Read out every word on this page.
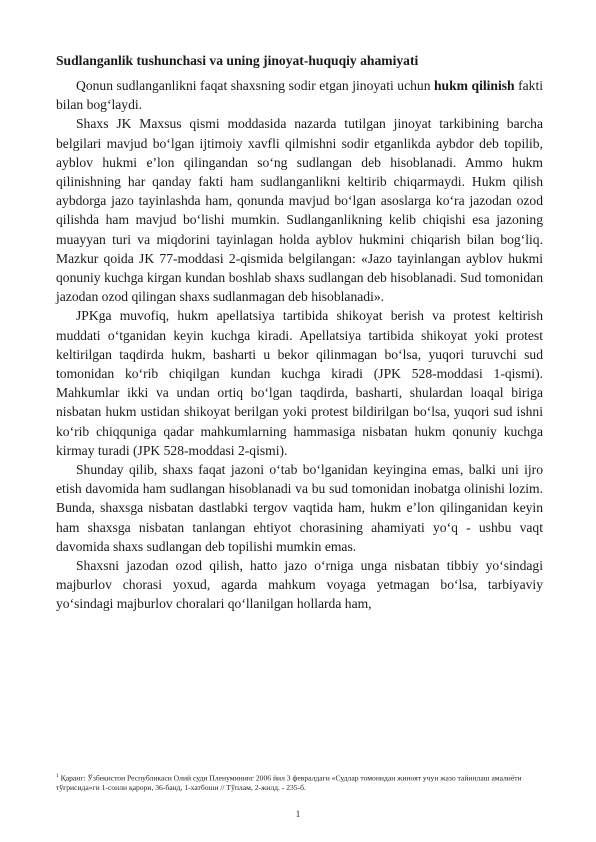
Sudlanganlik tushunchasi va uning jinoyat-huquqiy ahamiyati

Qonun sudlanganlikni faqat shaxsning sodir etgan jinoyati uchun hukm qilinish fakti bilan bog‘laydi.

Shaxs JK Maxsus qismi moddasida nazarda tutilgan jinoyat tarkibining barcha belgilari mavjud bo‘lgan ijtimoiy xavfli qilmishni sodir etganlikda aybdor deb topilib, ayblov hukmi e’lon qilingandan so‘ng sudlangan deb hisoblanadi. Ammo hukm qilinishning har qanday fakti ham sudlanganlikni keltirib chiqarmaydi. Hukm qilish aybdorga jazo tayinlashda ham, qonunda mavjud bo‘lgan asoslarga ko‘ra jazodan ozod qilishda ham mavjud bo‘lishi mumkin. Sudlanganlikning kelib chiqishi esa jazoning muayyan turi va miqdorini tayinlagan holda ayblov hukmini chiqarish bilan bog‘liq. Mazkur qoida JK 77-moddasi 2-qismida belgilangan: «Jazo tayinlangan ayblov hukmi qonuniy kuchga kirgan kundan boshlab shaxs sudlangan deb hisoblanadi. Sud tomonidan jazodan ozod qilingan shaxs sudlanmagan deb hisoblanadi».

JPKga muvofiq, hukm apellatsiya tartibida shikoyat berish va protest keltirish muddati o‘tganidan keyin kuchga kiradi. Apellatsiya tartibida shikoyat yoki protest keltirilgan taqdirda hukm, basharti u bekor qilinmagan bo‘lsa, yuqori turuvchi sud tomonidan ko‘rib chiqilgan kundan kuchga kiradi (JPK 528-moddasi 1-qismi). Mahkumlar ikki va undan ortiq bo‘lgan taqdirda, basharti, shulardan loaqal biriga nisbatan hukm ustidan shikoyat berilgan yoki protest bildirilgan bo‘lsa, yuqori sud ishni ko‘rib chiqquniga qadar mahkumlarning hammasiga nisbatan hukm qonuniy kuchga kirmay turadi (JPK 528-moddasi 2-qismi).

Shunday qilib, shaxs faqat jazoni o‘tab bo‘lganidan keyingina emas, balki uni ijro etish davomida ham sudlangan hisoblanadi va bu sud tomonidan inobatga olinishi lozim. Bunda, shaxsga nisbatan dastlabki tergov vaqtida ham, hukm e’lon qilinganidan keyin ham shaxsga nisbatan tanlangan ehtiyot chorasining ahamiyati yo‘q - ushbu vaqt davomida shaxs sudlangan deb topilishi mumkin emas.

Shaxsni jazodan ozod qilish, hatto jazo o‘rniga unga nisbatan tibbiy yo‘sindagi majburlov chorasi yoxud, agarda mahkum voyaga yetmagan bo‘lsa, tarbiyaviy yo‘sindagi majburlov choralari qo‘llanilgan hollarda ham,

$^1$ Қаранг: Ўзбекистон Республикаси Олий суди Пленумининг 2006 йил 3 февралдаги «Судлар томонидан жиноят учун жазо тайинлаш амалиёти тўғрисида»ги 1-сонли қарори, 36-банд, 1-хатбоши // Тўплам, 2-жилд. - 235-б.
1
